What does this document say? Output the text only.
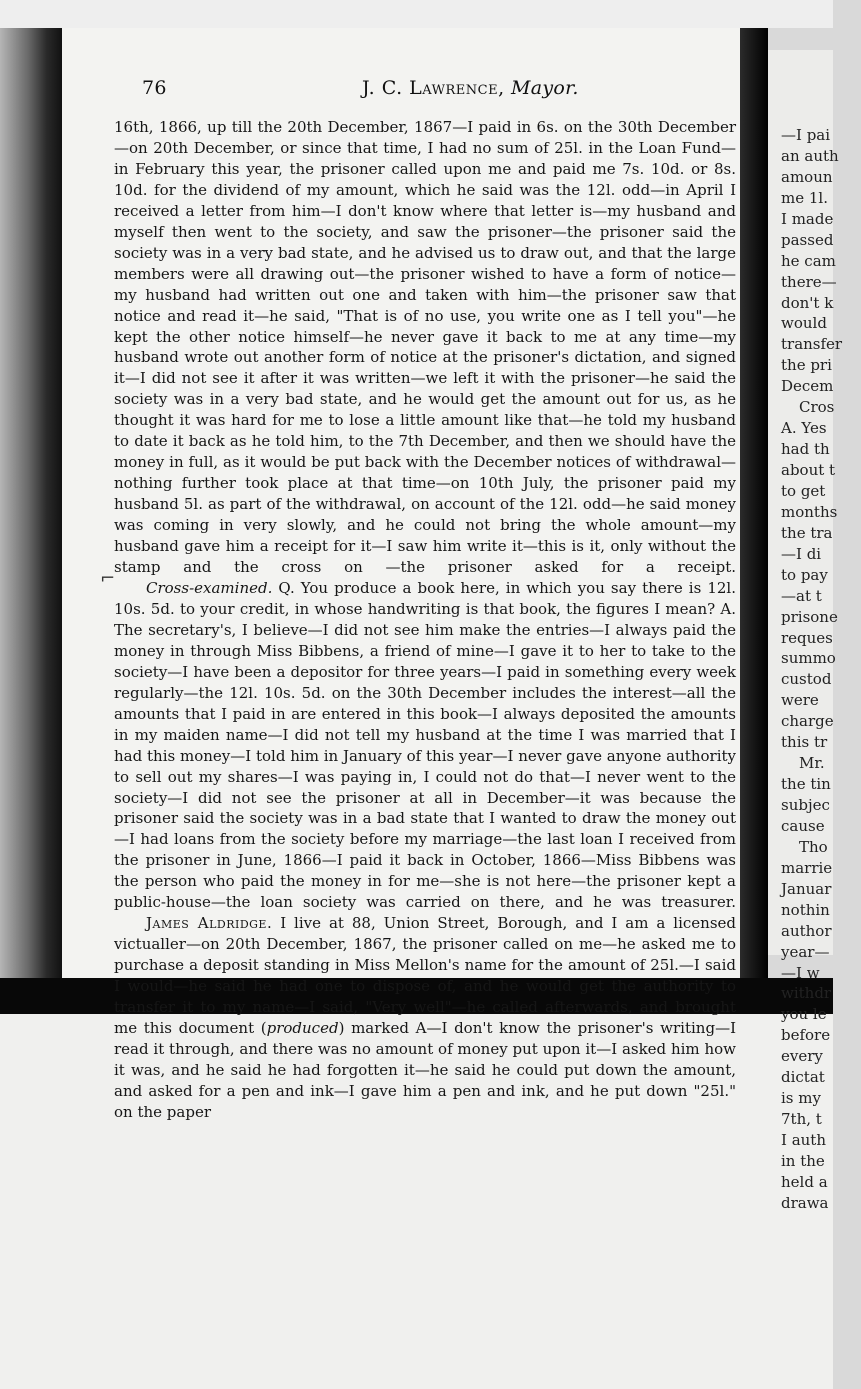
76	J. C. Lawrence, Mayor.
⌐

16th, 1866, up till the 20th December, 1867—I paid in 6s. on the 30th December—on 20th December, or since that time, I had no sum of 25l. in the Loan Fund—in February this year, the prisoner called upon me and paid me 7s. 10d. or 8s. 10d. for the dividend of my amount, which he said was the 12l. odd—in April I received a letter from him—I don't know where that letter is—my husband and myself then went to the society, and saw the prisoner—the prisoner said the society was in a very bad state, and he advised us to draw out, and that the large members were all drawing out—the prisoner wished to have a form of notice—my husband had written out one and taken with him—the prisoner saw that notice and read it—he said, "That is of no use, you write one as I tell you"—he kept the other notice himself—he never gave it back to me at any time—my husband wrote out another form of notice at the prisoner's dictation, and signed it—I did not see it after it was written—we left it with the prisoner—he said the society was in a very bad state, and he would get the amount out for us, as he thought it was hard for me to lose a little amount like that—he told my husband to date it back as he told him, to the 7th December, and then we should have the money in full, as it would be put back with the December notices of withdrawal—nothing further took place at that time—on 10th July, the prisoner paid my husband 5l. as part of the withdrawal, on account of the 12l. odd—he said money was coming in very slowly, and he could not bring the whole amount—my husband gave him a receipt for it—I saw him write it—this is it, only without the stamp and the cross on —the prisoner asked for a receipt.

Cross-examined. Q. You produce a book here, in which you say there is 12l. 10s. 5d. to your credit, in whose handwriting is that book, the figures I mean? A. The secretary's, I believe—I did not see him make the entries—I always paid the money in through Miss Bibbens, a friend of mine—I gave it to her to take to the society—I have been a depositor for three years—I paid in something every week regularly—the 12l. 10s. 5d. on the 30th December includes the interest—all the amounts that I paid in are entered in this book—I always deposited the amounts in my maiden name—I did not tell my husband at the time I was married that I had this money—I told him in January of this year—I never gave anyone authority to sell out my shares—I was paying in, I could not do that—I never went to the society—I did not see the prisoner at all in December—it was because the prisoner said the society was in a bad state that I wanted to draw the money out—I had loans from the society before my marriage—the last loan I received from the prisoner in June, 1866—I paid it back in October, 1866—Miss Bibbens was the person who paid the money in for me—she is not here—the prisoner kept a public-house—the loan society was carried on there, and he was treasurer.

James Aldridge. I live at 88, Union Street, Borough, and I am a licensed victualler—on 20th December, 1867, the prisoner called on me—he asked me to purchase a deposit standing in Miss Mellon's name for the amount of 25l.—I said I would—he said he had one to dispose of, and he would get the authority to transfer it to my name—I said, "Very well"—he called afterwards, and brought me this document (produced) marked A—I don't know the prisoner's writing—I read it through, and there was no amount of money put upon it—I asked him how it was, and he said he had forgotten it—he said he could put down the amount, and asked for a pen and ink—I gave him a pen and ink, and he put down "25l." on the paper

—I pai
an auth
amoun
me 1l.
I made
passed
he cam
there—
don't k
would
transfer
the pri
Decem
Cros
A. Yes
had th
about t
to get
months
the tra
—I di
to pay
—at t
prisone
reques
summo
custod
were
charge
this tr
Mr.
the tin
subjec
cause
Tho
marrie
Januar
nothin
author
year—
—I w
withdr
you le
before
every
dictat
is my
7th, t
I auth
in the
held a
drawa
